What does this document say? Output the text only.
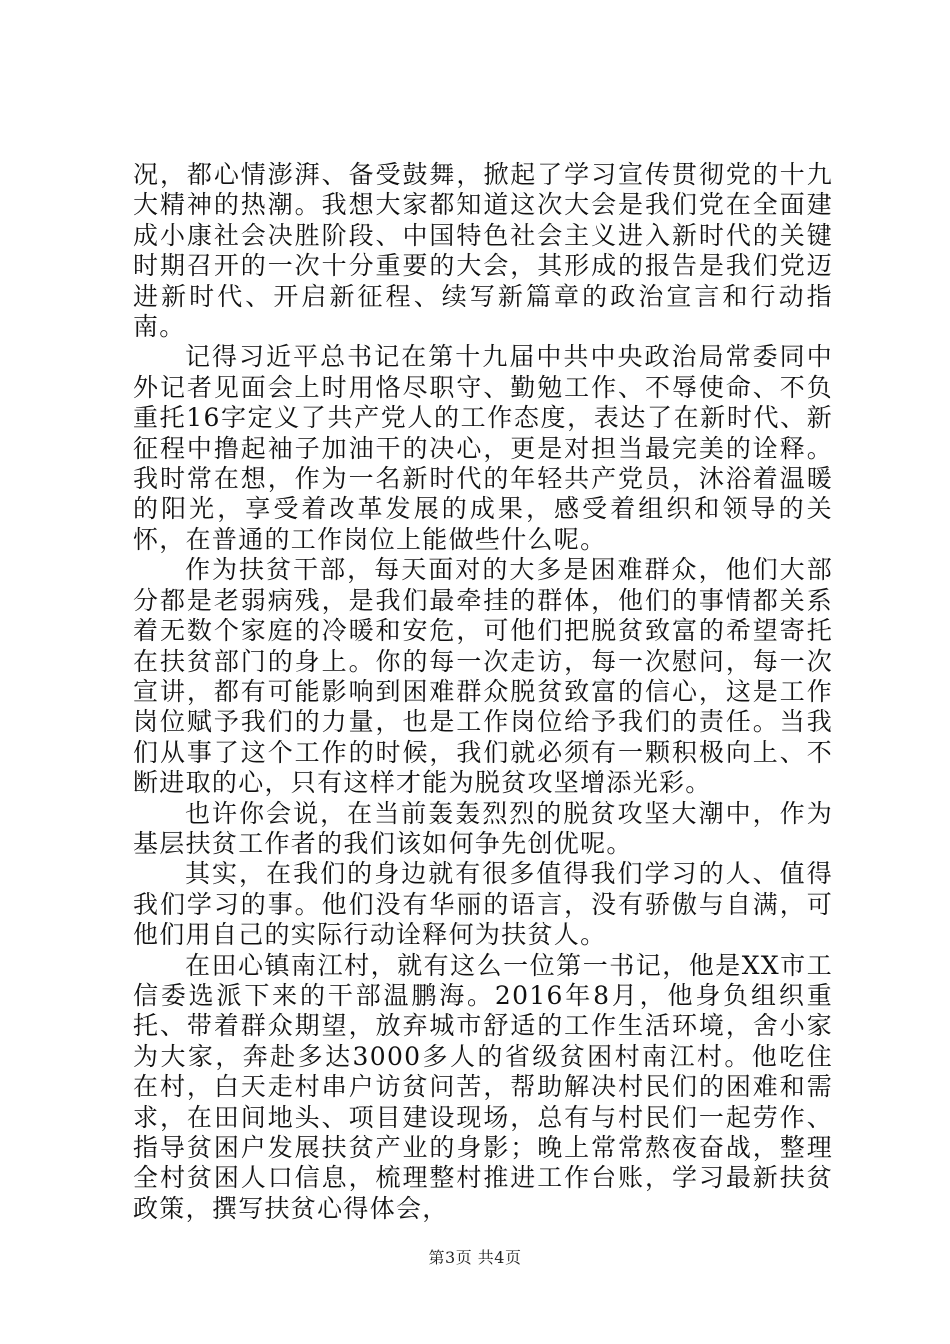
况，都心情澎湃、备受鼓舞，掀起了学习宣传贯彻党的十九大精神的热潮。我想大家都知道这次大会是我们党在全面建成小康社会决胜阶段、中国特色社会主义进入新时代的关键时期召开的一次十分重要的大会，其形成的报告是我们党迈进新时代、开启新征程、续写新篇章的政治宣言和行动指南。

记得习近平总书记在第十九届中共中央政治局常委同中外记者见面会上时用恪尽职守、勤勉工作、不辱使命、不负重托16字定义了共产党人的工作态度，表达了在新时代、新征程中撸起袖子加油干的决心，更是对担当最完美的诠释。我时常在想，作为一名新时代的年轻共产党员，沐浴着温暖的阳光，享受着改革发展的成果，感受着组织和领导的关怀，在普通的工作岗位上能做些什么呢。

作为扶贫干部，每天面对的大多是困难群众，他们大部分都是老弱病残，是我们最牵挂的群体，他们的事情都关系着无数个家庭的冷暖和安危，可他们把脱贫致富的希望寄托在扶贫部门的身上。你的每一次走访，每一次慰问，每一次宣讲，都有可能影响到困难群众脱贫致富的信心，这是工作岗位赋予我们的力量，也是工作岗位给予我们的责任。当我们从事了这个工作的时候，我们就必须有一颗积极向上、不断进取的心，只有这样才能为脱贫攻坚增添光彩。

也许你会说，在当前轰轰烈烈的脱贫攻坚大潮中，作为基层扶贫工作者的我们该如何争先创优呢。

其实，在我们的身边就有很多值得我们学习的人、值得我们学习的事。他们没有华丽的语言，没有骄傲与自满，可他们用自己的实际行动诠释何为扶贫人。

在田心镇南江村，就有这么一位第一书记，他是XX市工信委选派下来的干部温鹏海。2016年8月，他身负组织重托、带着群众期望，放弃城市舒适的工作生活环境，舍小家为大家，奔赴多达3000多人的省级贫困村南江村。他吃住在村，白天走村串户访贫问苦，帮助解决村民们的困难和需求，在田间地头、项目建设现场，总有与村民们一起劳作、指导贫困户发展扶贫产业的身影；晚上常常熬夜奋战，整理全村贫困人口信息，梳理整村推进工作台账，学习最新扶贫政策，撰写扶贫心得体会，

第3页 共4页
